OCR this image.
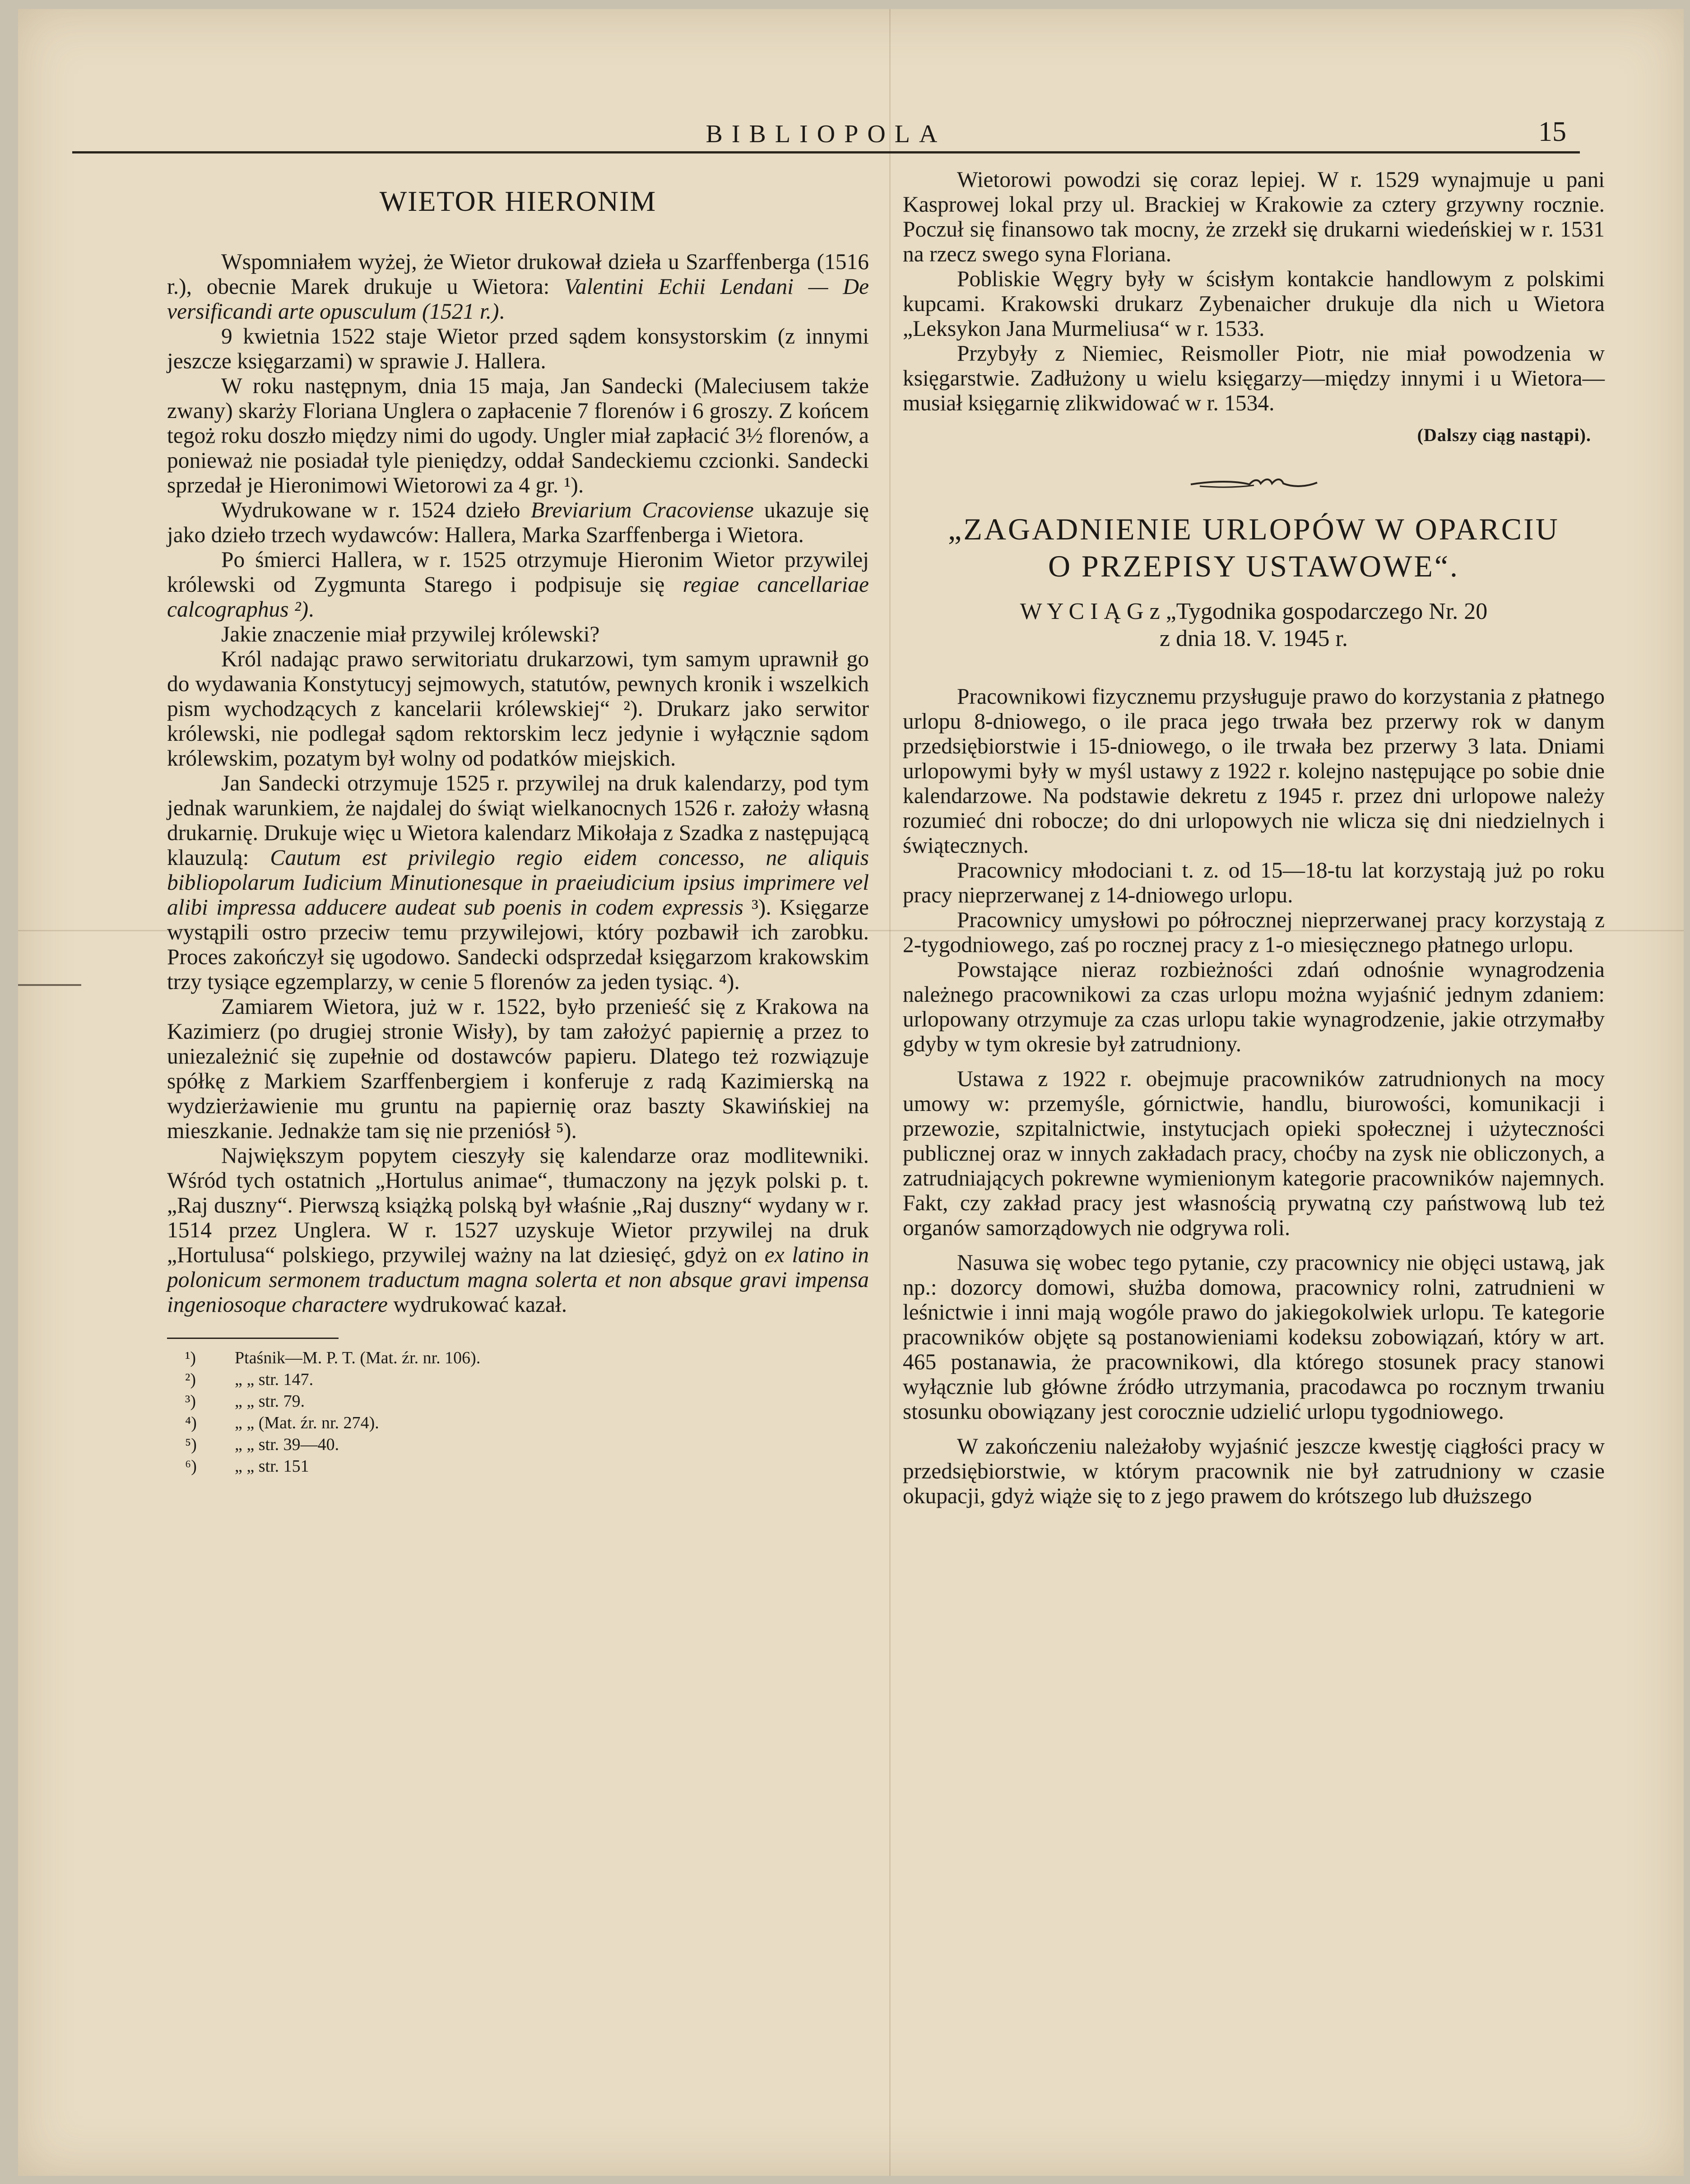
BIBLIOPOLA	15
WIETOR HIERONIM

Wspomniałem wyżej, że Wietor drukował dzieła u Szarffenberga (1516 r.), obecnie Marek drukuje u Wietora: Valentini Echii Lendani — De versificandi arte opusculum (1521 r.).

9 kwietnia 1522 staje Wietor przed sądem konsystorskim (z innymi jeszcze księgarzami) w sprawie J. Hallera.

W roku następnym, dnia 15 maja, Jan Sandecki (Maleciusem także zwany) skarży Floriana Unglera o zapłacenie 7 florenów i 6 groszy. Z końcem tegoż roku doszło między nimi do ugody. Ungler miał zapłacić 3½ florenów, a ponieważ nie posiadał tyle pieniędzy, oddał Sandeckiemu czcionki. Sandecki sprzedał je Hieronimowi Wietorowi za 4 gr. ¹).

Wydrukowane w r. 1524 dzieło Breviarium Cracoviense ukazuje się jako dzieło trzech wydawców: Hallera, Marka Szarffenberga i Wietora.

Po śmierci Hallera, w r. 1525 otrzymuje Hieronim Wietor przywilej królewski od Zygmunta Starego i podpisuje się regiae cancellariae calcographus ²).

Jakie znaczenie miał przywilej królewski?

Król nadając prawo serwitoriatu drukarzowi, tym samym uprawnił go do wydawania Konstytucyj sejmowych, statutów, pewnych kronik i wszelkich pism wychodzących z kancelarii królewskiej“ ²). Drukarz jako serwitor królewski, nie podlegał sądom rektorskim lecz jedynie i wyłącznie sądom królewskim, pozatym był wolny od podatków miejskich.

Jan Sandecki otrzymuje 1525 r. przywilej na druk kalendarzy, pod tym jednak warunkiem, że najdalej do świąt wielkanocnych 1526 r. założy własną drukarnię. Drukuje więc u Wietora kalendarz Mikołaja z Szadka z następującą klauzulą: Cautum est privilegio regio eidem concesso, ne aliquis bibliopolarum Iudicium Minutionesque in praeiudicium ipsius imprimere vel alibi impressa adducere audeat sub poenis in codem expressis ³). Księgarze wystąpili ostro przeciw temu przywilejowi, który pozbawił ich zarobku. Proces zakończył się ugodowo. Sandecki odsprzedał księgarzom krakowskim trzy tysiące egzemplarzy, w cenie 5 florenów za jeden tysiąc. ⁴).

Zamiarem Wietora, już w r. 1522, było przenieść się z Krakowa na Kazimierz (po drugiej stronie Wisły), by tam założyć papiernię a przez to uniezależnić się zupełnie od dostawców papieru. Dlatego też rozwiązuje spółkę z Markiem Szarffenbergiem i konferuje z radą Kazimierską na wydzierżawienie mu gruntu na papiernię oraz baszty Skawińskiej na mieszkanie. Jednakże tam się nie przeniósł ⁵).

Największym popytem cieszyły się kalendarze oraz modlitewniki. Wśród tych ostatnich „Hortulus animae“, tłumaczony na język polski p. t. „Raj duszny“. Pierwszą książką polską był właśnie „Raj duszny“ wydany w r. 1514 przez Unglera. W r. 1527 uzyskuje Wietor przywilej na druk „Hortulusa“ polskiego, przywilej ważny na lat dziesięć, gdyż on ex latino in polonicum sermonem traductum magna solerta et non absque gravi impensa ingeniosoque charactere wydrukować kazał.

¹)	Ptaśnik—M. P. T. (Mat. źr. nr. 106).
²)	„ „ str. 147.
³)	„ „ str. 79.
⁴)	„ „ (Mat. źr. nr. 274).
⁵)	„ „ str. 39—40.
⁶)	„ „ str. 151

Wietorowi powodzi się coraz lepiej. W r. 1529 wynajmuje u pani Kasprowej lokal przy ul. Brackiej w Krakowie za cztery grzywny rocznie. Poczuł się finansowo tak mocny, że zrzekł się drukarni wiedeńskiej w r. 1531 na rzecz swego syna Floriana.

Pobliskie Węgry były w ścisłym kontakcie handlowym z polskimi kupcami. Krakowski drukarz Zybenaicher drukuje dla nich u Wietora „Leksykon Jana Murmeliusa“ w r. 1533.

Przybyły z Niemiec, Reismoller Piotr, nie miał powodzenia w księgarstwie. Zadłużony u wielu księgarzy—między innymi i u Wietora—musiał księgarnię zlikwidować w r. 1534.

(Dalszy ciąg nastąpi).
„ZAGADNIENIE URLOPÓW W OPARCIU
O PRZEPISY USTAWOWE“.
W Y C I Ą G z „Tygodnika gospodarczego Nr. 20
z dnia 18. V. 1945 r.

Pracownikowi fizycznemu przysługuje prawo do korzystania z płatnego urlopu 8-dniowego, o ile praca jego trwała bez przerwy rok w danym przedsiębiorstwie i 15-dniowego, o ile trwała bez przerwy 3 lata. Dniami urlopowymi były w myśl ustawy z 1922 r. kolejno następujące po sobie dnie kalendarzowe. Na podstawie dekretu z 1945 r. przez dni urlopowe należy rozumieć dni robocze; do dni urlopowych nie wlicza się dni niedzielnych i świątecznych.

Pracownicy młodociani t. z. od 15—18-tu lat korzystają już po roku pracy nieprzerwanej z 14-dniowego urlopu.

Pracownicy umysłowi po półrocznej nieprzerwanej pracy korzystają z 2-tygodniowego, zaś po rocznej pracy z 1-o miesięcznego płatnego urlopu.

Powstające nieraz rozbieżności zdań odnośnie wynagrodzenia należnego pracownikowi za czas urlopu można wyjaśnić jednym zdaniem: urlopowany otrzymuje za czas urlopu takie wynagrodzenie, jakie otrzymałby gdyby w tym okresie był zatrudniony.

Ustawa z 1922 r. obejmuje pracowników zatrudnionych na mocy umowy w: przemyśle, górnictwie, handlu, biurowości, komunikacji i przewozie, szpitalnictwie, instytucjach opieki społecznej i użyteczności publicznej oraz w innych zakładach pracy, choćby na zysk nie obliczonych, a zatrudniających pokrewne wymienionym kategorie pracowników najemnych. Fakt, czy zakład pracy jest własnością prywatną czy państwową lub też organów samorządowych nie odgrywa roli.

Nasuwa się wobec tego pytanie, czy pracownicy nie objęci ustawą, jak np.: dozorcy domowi, służba domowa, pracownicy rolni, zatrudnieni w leśnictwie i inni mają wogóle prawo do jakiegokolwiek urlopu. Te kategorie pracowników objęte są postanowieniami kodeksu zobowiązań, który w art. 465 postanawia, że pracownikowi, dla którego stosunek pracy stanowi wyłącznie lub główne źródło utrzymania, pracodawca po rocznym trwaniu stosunku obowiązany jest corocznie udzielić urlopu tygodniowego.

W zakończeniu należałoby wyjaśnić jeszcze kwestję ciągłości pracy w przedsiębiorstwie, w którym pracownik nie był zatrudniony w czasie okupacji, gdyż wiąże się to z jego prawem do krótszego lub dłuższego
